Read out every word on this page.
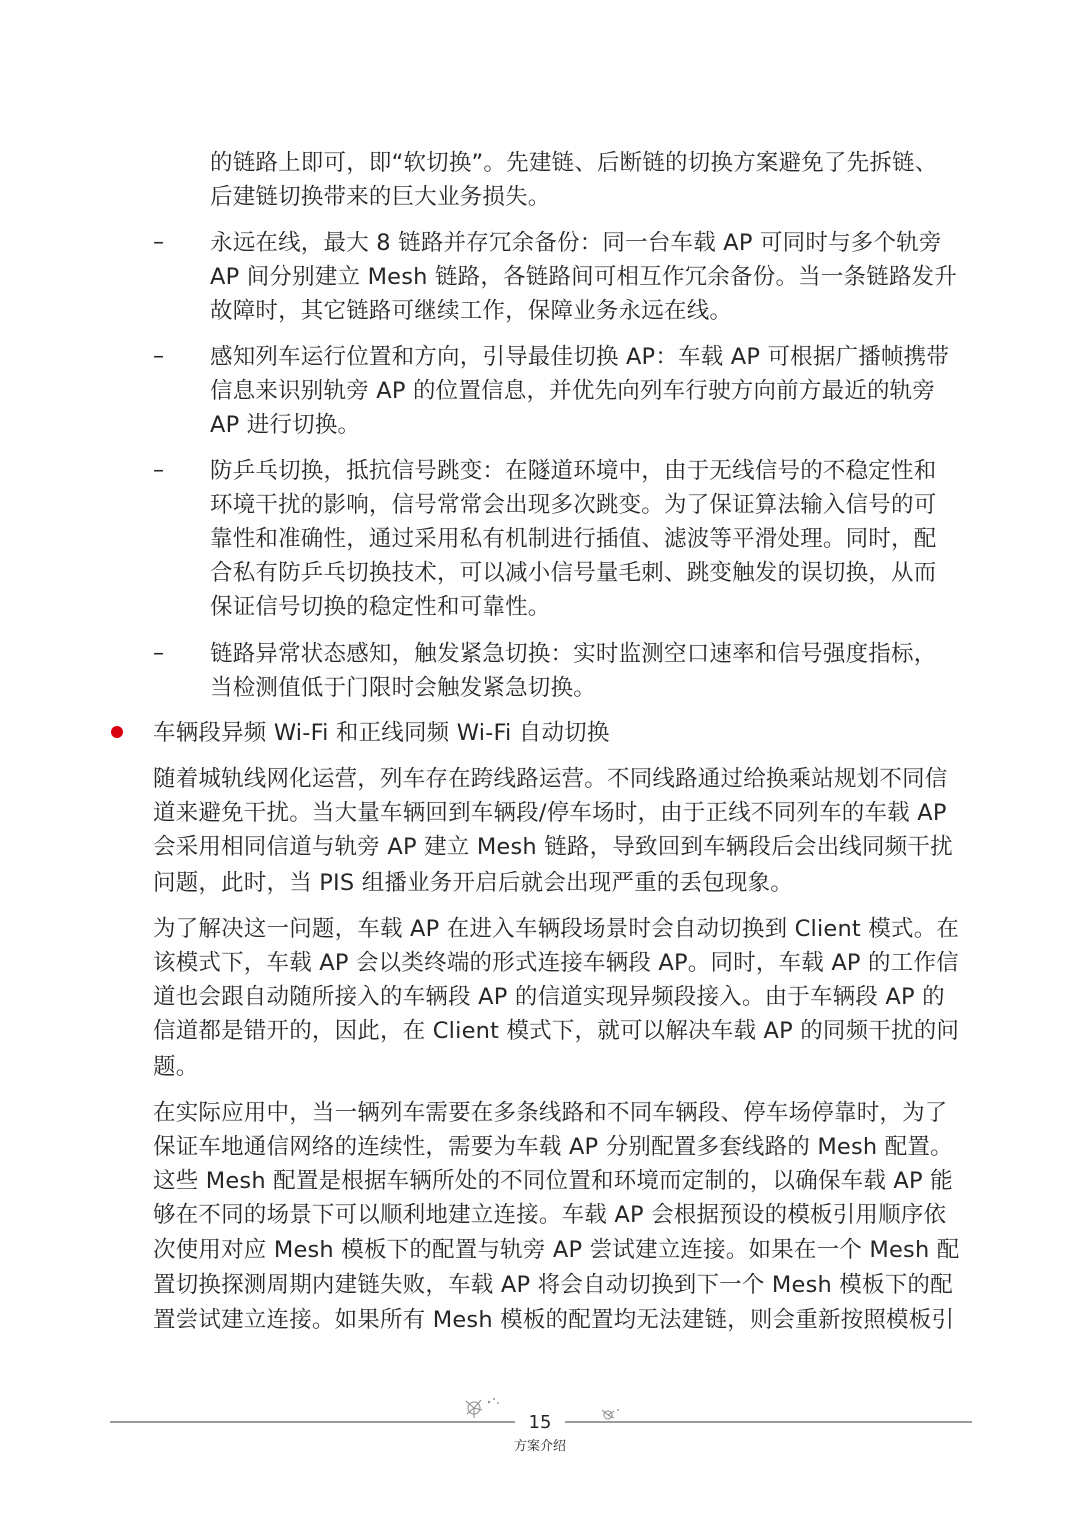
的链路上即可，即“软切换”。先建链、后断链的切换方案避免了先拆链、
后建链切换带来的巨大业务损失。
– 永远在线，最大 8 链路并存冗余备份：同一台车载 AP 可同时与多个轨旁
AP 间分别建立 Mesh 链路，各链路间可相互作冗余备份。当一条链路发升
故障时，其它链路可继续工作，保障业务永远在线。
– 感知列车运行位置和方向，引导最佳切换 AP：车载 AP 可根据广播帧携带
信息来识别轨旁 AP 的位置信息，并优先向列车行驶方向前方最近的轨旁
AP 进行切换。
– 防乒乓切换，抵抗信号跳变：在隧道环境中，由于无线信号的不稳定性和
环境干扰的影响，信号常常会出现多次跳变。为了保证算法输入信号的可
靠性和准确性，通过采用私有机制进行插值、滤波等平滑处理。同时，配
合私有防乒乓切换技术，可以减小信号量毛刺、跳变触发的误切换，从而
保证信号切换的稳定性和可靠性。
– 链路异常状态感知，触发紧急切换：实时监测空口速率和信号强度指标，
当检测值低于门限时会触发紧急切换。
车辆段异频 Wi-Fi 和正线同频 Wi-Fi 自动切换
随着城轨线网化运营，列车存在跨线路运营。不同线路通过给换乘站规划不同信
道来避免干扰。当大量车辆回到车辆段/停车场时，由于正线不同列车的车载 AP
会采用相同信道与轨旁 AP 建立 Mesh 链路，导致回到车辆段后会出线同频干扰
问题，此时，当 PIS 组播业务开启后就会出现严重的丢包现象。
为了解决这一问题，车载 AP 在进入车辆段场景时会自动切换到 Client 模式。在
该模式下，车载 AP 会以类终端的形式连接车辆段 AP。同时，车载 AP 的工作信
道也会跟自动随所接入的车辆段 AP 的信道实现异频段接入。由于车辆段 AP 的
信道都是错开的，因此，在 Client 模式下，就可以解决车载 AP 的同频干扰的问
题。
在实际应用中，当一辆列车需要在多条线路和不同车辆段、停车场停靠时，为了
保证车地通信网络的连续性，需要为车载 AP 分别配置多套线路的 Mesh 配置。
这些 Mesh 配置是根据车辆所处的不同位置和环境而定制的，以确保车载 AP 能
够在不同的场景下可以顺利地建立连接。车载 AP 会根据预设的模板引用顺序依
次使用对应 Mesh 模板下的配置与轨旁 AP 尝试建立连接。如果在一个 Mesh 配
置切换探测周期内建链失败，车载 AP 将会自动切换到下一个 Mesh 模板下的配
置尝试建立连接。如果所有 Mesh 模板的配置均无法建链，则会重新按照模板引
15
方案介绍
